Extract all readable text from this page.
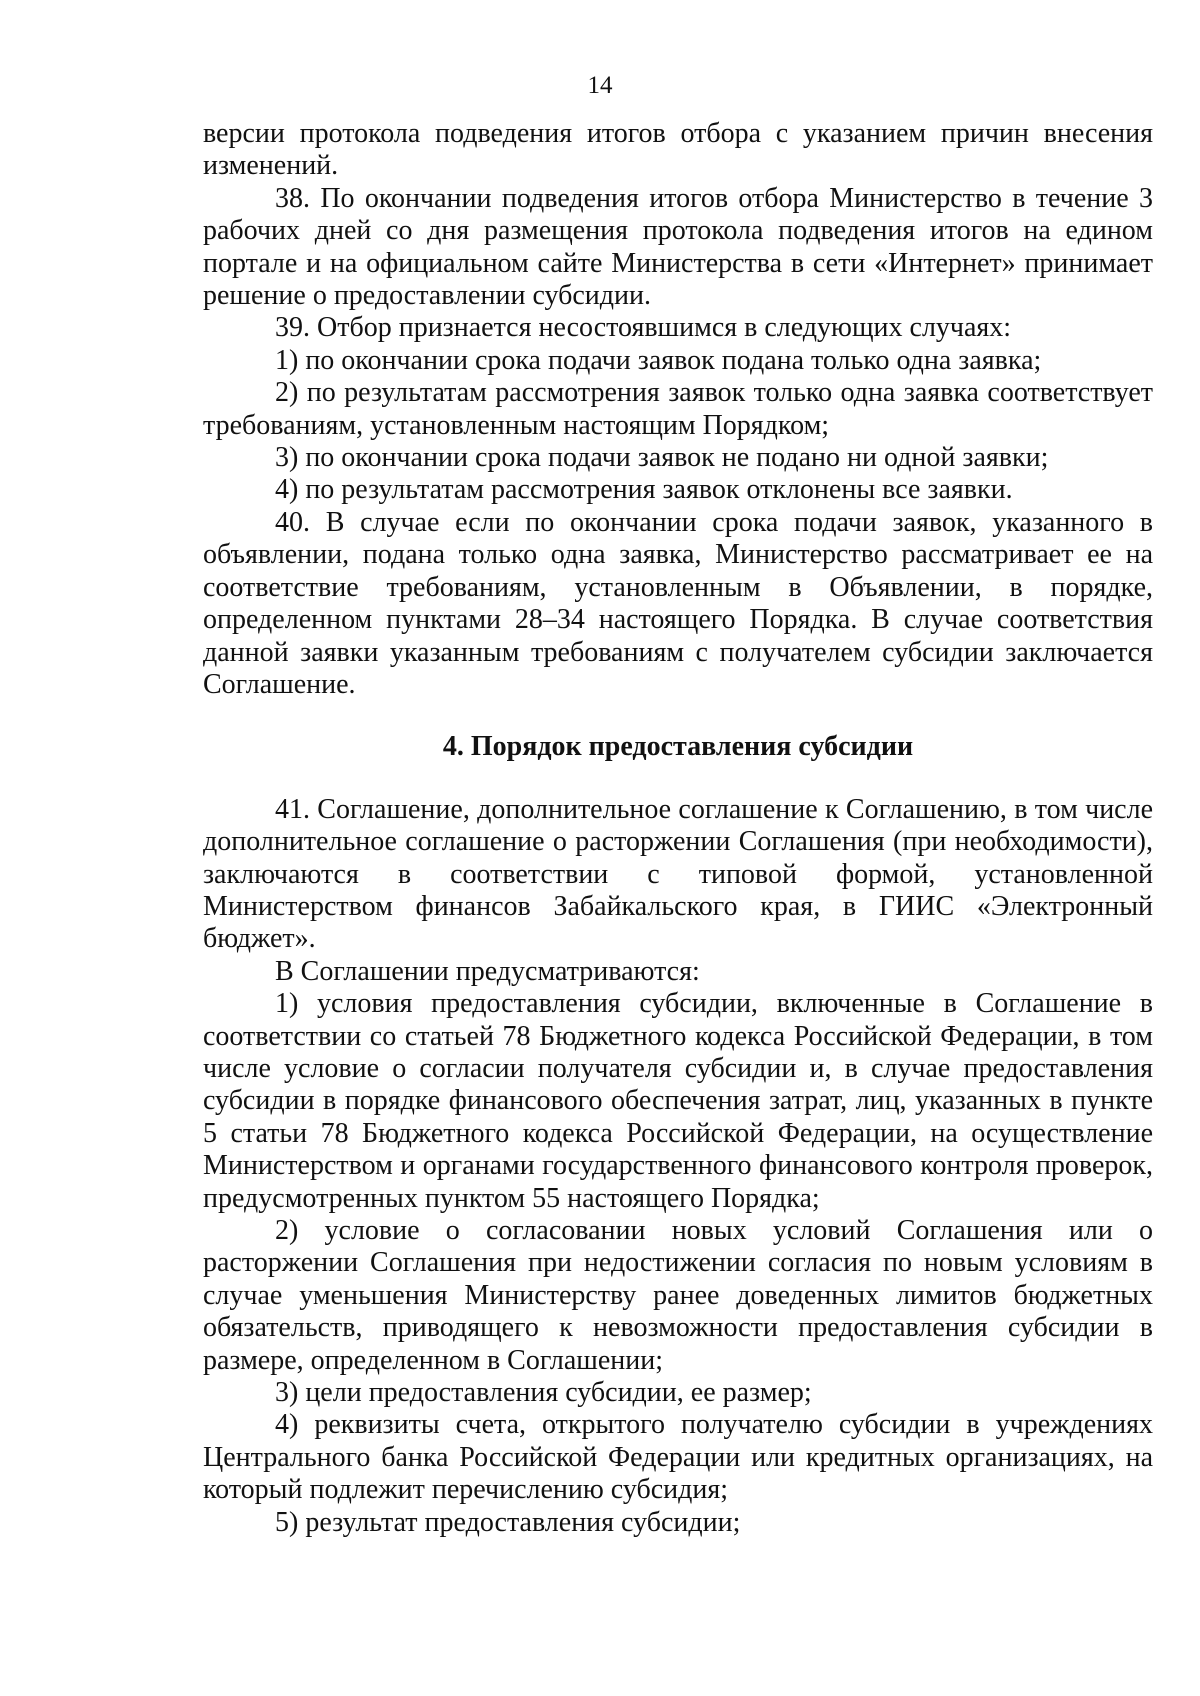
14

версии протокола подведения итогов отбора с указанием причин внесения изменений.

38. По окончании подведения итогов отбора Министерство в течение 3 рабочих дней со дня размещения протокола подведения итогов на едином портале и на официальном сайте Министерства в сети «Интернет» принимает решение о предоставлении субсидии.

39. Отбор признается несостоявшимся в следующих случаях:

1) по окончании срока подачи заявок подана только одна заявка;

2) по результатам рассмотрения заявок только одна заявка соответствует требованиям, установленным настоящим Порядком;

3) по окончании срока подачи заявок не подано ни одной заявки;

4) по результатам рассмотрения заявок отклонены все заявки.

40. В случае если по окончании срока подачи заявок, указанного в объявлении, подана только одна заявка, Министерство рассматривает ее на соответствие требованиям, установленным в Объявлении, в порядке, определенном пунктами 28–34 настоящего Порядка. В случае соответствия данной заявки указанным требованиям с получателем субсидии заключается Соглашение.

4. Порядок предоставления субсидии

41. Соглашение, дополнительное соглашение к Соглашению, в том числе дополнительное соглашение о расторжении Соглашения (при необходимости), заключаются в соответствии с типовой формой, установленной Министерством финансов Забайкальского края, в ГИИС «Электронный бюджет».

В Соглашении предусматриваются:

1) условия предоставления субсидии, включенные в Соглашение в соответствии со статьей 78 Бюджетного кодекса Российской Федерации, в том числе условие о согласии получателя субсидии и, в случае предоставления субсидии в порядке финансового обеспечения затрат, лиц, указанных в пункте 5 статьи 78 Бюджетного кодекса Российской Федерации, на осуществление Министерством и органами государственного финансового контроля проверок, предусмотренных пунктом 55 настоящего Порядка;

2) условие о согласовании новых условий Соглашения или о расторжении Соглашения при недостижении согласия по новым условиям в случае уменьшения Министерству ранее доведенных лимитов бюджетных обязательств, приводящего к невозможности предоставления субсидии в размере, определенном в Соглашении;

3) цели предоставления субсидии, ее размер;

4) реквизиты счета, открытого получателю субсидии в учреждениях Центрального банка Российской Федерации или кредитных организациях, на который подлежит перечислению субсидия;

5) результат предоставления субсидии;
